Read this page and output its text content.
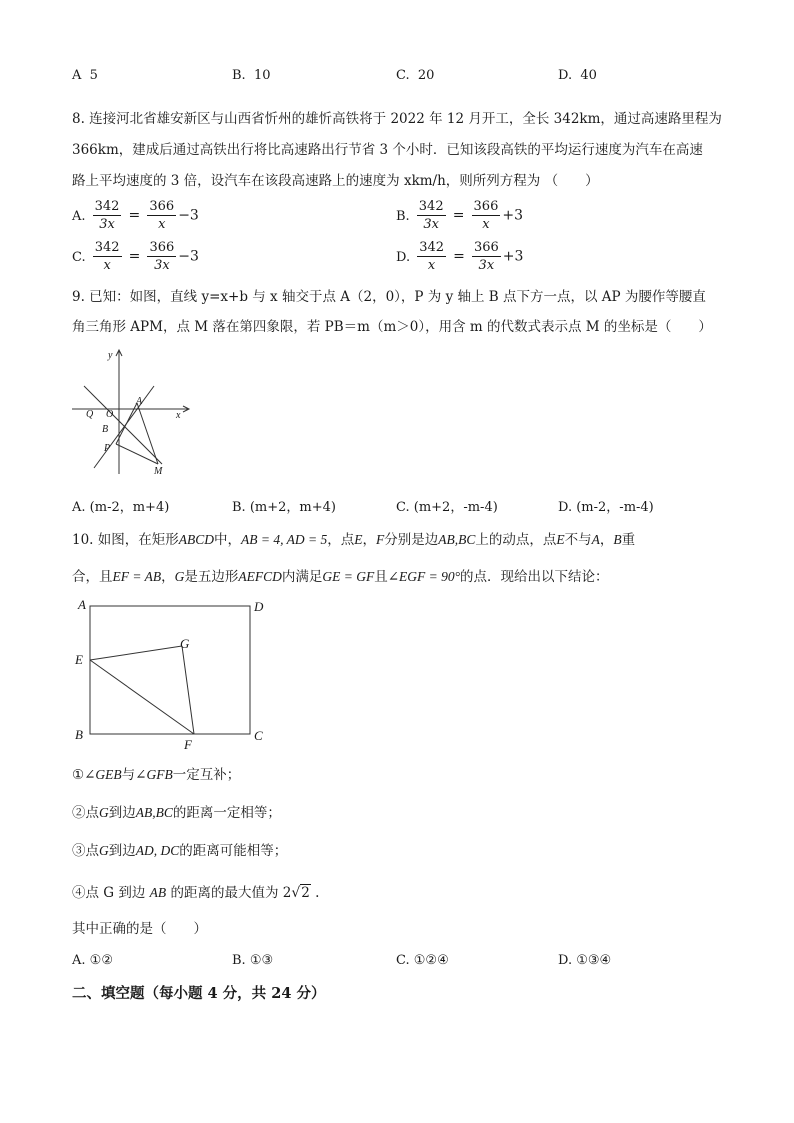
A 5	B. 10	C. 20	D. 40
8. 连接河北省雄安新区与山西省忻州的雄忻高铁将于 2022 年 12 月开工，全长 342km，通过高速路里程为
366km，建成后通过高铁出行将比高速路出行节省 3 个小时．已知该段高铁的平均运行速度为汽车在高速
路上平均速度的 3 倍，设汽车在该段高速路上的速度为 xkm/h，则所列方程为 （　　）
A. $\frac{342}{3x} = \frac{366}{x} -3$	B. $\frac{342}{3x} = \frac{366}{x} +3$
C. $\frac{342}{x} = \frac{366}{3x} -3$	D. $\frac{342}{x} = \frac{366}{3x} +3$
9. 已知：如图，直线 y=x+b 与 x 轴交于点 A（2，0），P 为 y 轴上 B 点下方一点，以 AP 为腰作等腰直
角三角形 APM，点 M 落在第四象限，若 PB＝m（m＞0），用含 m 的代数式表示点 M 的坐标是（　　）
y
x
Q O
A
B
P
M
A. (m-2，m+4)	B. (m+2，m+4)	C. (m+2，-m-4)	D. (m-2，-m-4)
10. 如图，在矩形ABCD中，AB = 4, AD = 5，点E，F分别是边AB,BC上的动点，点E不与A，B重
合，且EF = AB，G是五边形AEFCD内满足GE = GF且∠EGF = 90°的点．现给出以下结论：
A	D
E
G
B
F
C
①∠GEB与∠GFB一定互补；
②点G到边AB,BC的距离一定相等；
③点G到边AD, DC的距离可能相等；
④点 G 到边 AB 的距离的最大值为 2√2 .
其中正确的是（　　）
A. ①②	B. ①③	C. ①②④	D. ①③④
二、填空题（每小题 4 分，共 24 分）
